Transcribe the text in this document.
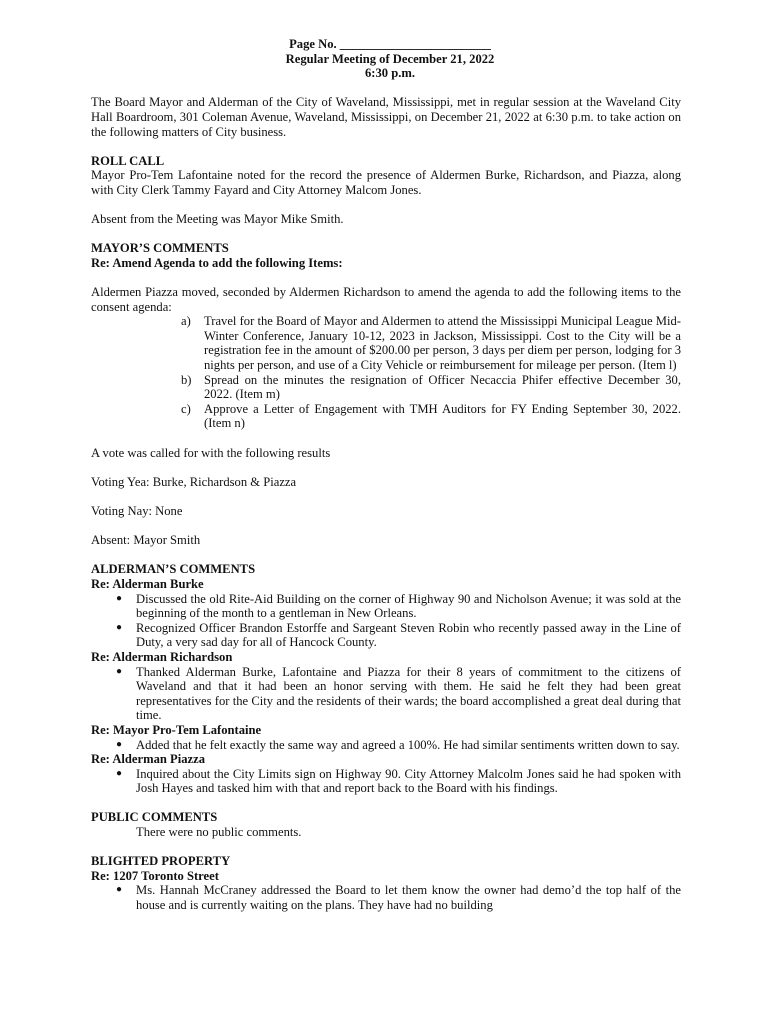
Page No. ________________________
Regular Meeting of December 21, 2022
6:30 p.m.

The Board Mayor and Alderman of the City of Waveland, Mississippi, met in regular session at the Waveland City Hall Boardroom, 301 Coleman Avenue, Waveland, Mississippi, on December 21, 2022 at 6:30 p.m. to take action on the following matters of City business.

ROLL CALL

Mayor Pro-Tem Lafontaine noted for the record the presence of Aldermen Burke, Richardson, and Piazza, along with City Clerk Tammy Fayard and City Attorney Malcom Jones.

Absent from the Meeting was Mayor Mike Smith.

MAYOR’S COMMENTS
Re: Amend Agenda to add the following Items:

Aldermen Piazza moved, seconded by Aldermen Richardson to amend the agenda to add the following items to the consent agenda:

a) Travel for the Board of Mayor and Aldermen to attend the Mississippi Municipal League Mid-Winter Conference, January 10-12, 2023 in Jackson, Mississippi. Cost to the City will be a registration fee in the amount of $200.00 per person, 3 days per diem per person, lodging for 3 nights per person, and use of a City Vehicle or reimbursement for mileage per person. (Item l)
b) Spread on the minutes the resignation of Officer Necaccia Phifer effective December 30, 2022. (Item m)
c) Approve a Letter of Engagement with TMH Auditors for FY Ending September 30, 2022. (Item n)

A vote was called for with the following results

Voting Yea: Burke, Richardson & Piazza

Voting Nay: None

Absent: Mayor Smith

ALDERMAN’S COMMENTS
Re: Alderman Burke
● Discussed the old Rite-Aid Building on the corner of Highway 90 and Nicholson Avenue; it was sold at the beginning of the month to a gentleman in New Orleans.
● Recognized Officer Brandon Estorffe and Sargeant Steven Robin who recently passed away in the Line of Duty, a very sad day for all of Hancock County.
Re: Alderman Richardson
● Thanked Alderman Burke, Lafontaine and Piazza for their 8 years of commitment to the citizens of Waveland and that it had been an honor serving with them. He said he felt they had been great representatives for the City and the residents of their wards; the board accomplished a great deal during that time.
Re: Mayor Pro-Tem Lafontaine
● Added that he felt exactly the same way and agreed a 100%. He had similar sentiments written down to say.
Re: Alderman Piazza
● Inquired about the City Limits sign on Highway 90. City Attorney Malcolm Jones said he had spoken with Josh Hayes and tasked him with that and report back to the Board with his findings.
PUBLIC COMMENTS

There were no public comments.

BLIGHTED PROPERTY
Re: 1207 Toronto Street
● Ms. Hannah McCraney addressed the Board to let them know the owner had demo’d the top half of the house and is currently waiting on the plans. They have had no building
